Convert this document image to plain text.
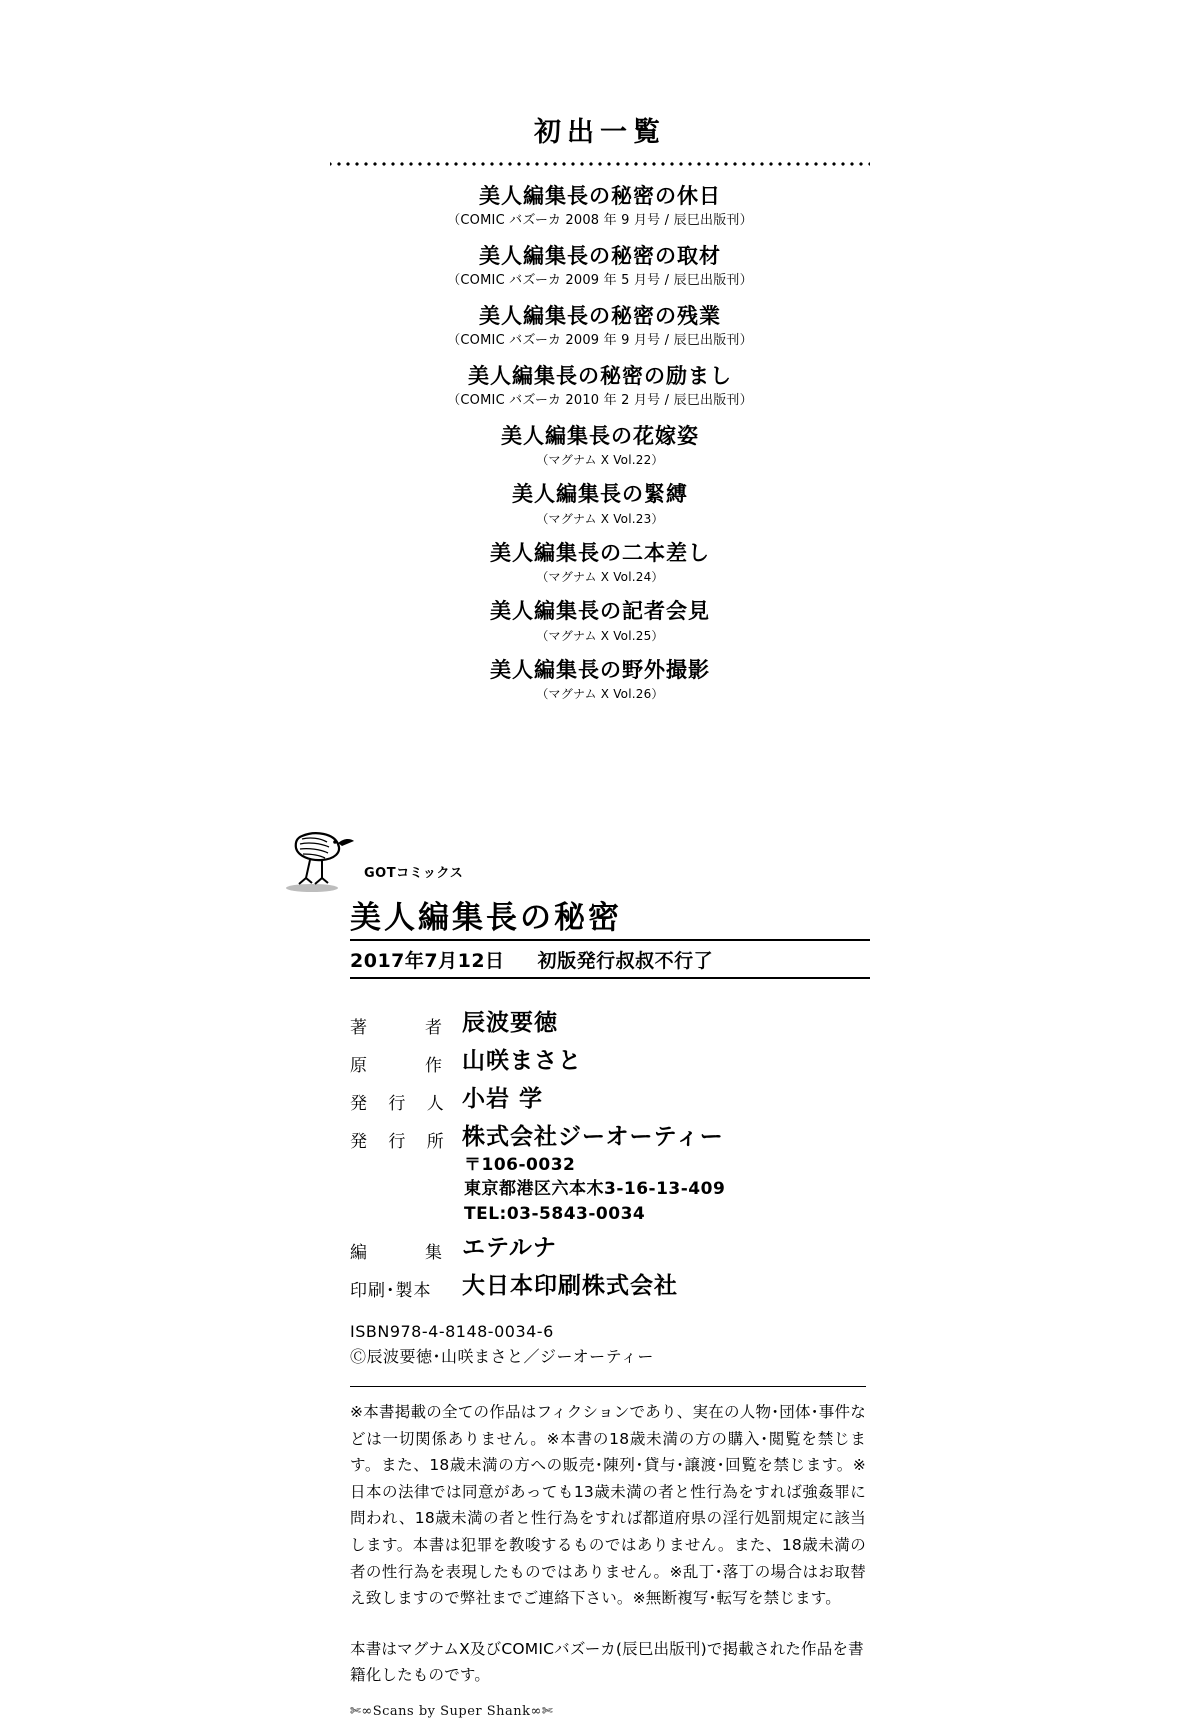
初出一覧
美人編集長の秘密の休日
（COMIC バズーカ 2008 年 9 月号 / 辰巳出版刊）
美人編集長の秘密の取材
（COMIC バズーカ 2009 年 5 月号 / 辰巳出版刊）
美人編集長の秘密の残業
（COMIC バズーカ 2009 年 9 月号 / 辰巳出版刊）
美人編集長の秘密の励まし
（COMIC バズーカ 2010 年 2 月号 / 辰巳出版刊）
美人編集長の花嫁姿
（マグナム X Vol.22）
美人編集長の緊縛
（マグナム X Vol.23）
美人編集長の二本差し
（マグナム X Vol.24）
美人編集長の記者会見
（マグナム X Vol.25）
美人編集長の野外撮影
（マグナム X Vol.26）
GOTコミックス
美人編集長の秘密
2017年7月12日 初版発行叔叔不行了
著　　者	辰波要徳
原　　作	山咲まさと
発 行 人	小岩 学
発 行 所	株式会社ジーオーティー
〒106-0032
東京都港区六本木3-16-13-409
TEL:03-5843-0034

編　　集	エテルナ
印刷･製本	大日本印刷株式会社
ISBN978-4-8148-0034-6
Ⓒ辰波要徳･山咲まさと／ジーオーティー

※本書掲載の全ての作品はフィクションであり、実在の人物･団体･事件などは一切関係ありません。※本書の18歳未満の方の購入･閲覧を禁じます。また、18歳未満の方への販売･陳列･貸与･譲渡･回覧を禁じます。※日本の法律では同意があっても13歳未満の者と性行為をすれば強姦罪に問われ、18歳未満の者と性行為をすれば都道府県の淫行処罰規定に該当します。本書は犯罪を教唆するものではありません。また、18歳未満の者の性行為を表現したものではありません。※乱丁･落丁の場合はお取替え致しますので弊社までご連絡下さい。※無断複写･転写を禁じます。

本書はマグナムX及びCOMICバズーカ(辰巳出版刊)で掲載された作品を書籍化したものです。

✄∞Scans by Super Shank∞✄
